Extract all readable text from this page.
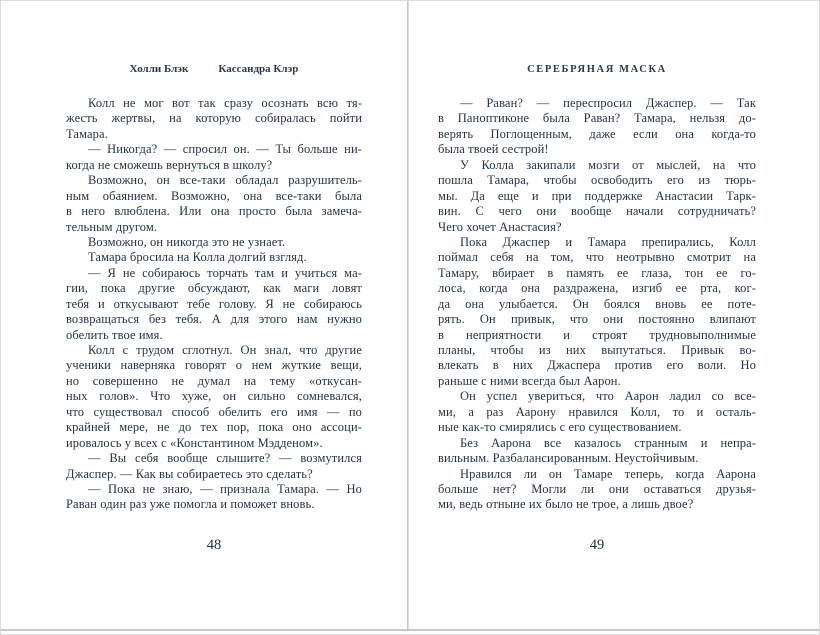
Холли Блэк	Кассандра Клэр
Колл не мог вот так сразу осознать всю тя-
жесть жертвы, на которую собиралась пойти
Тамара.
— Никогда? — спросил он. — Ты больше ни-
когда не сможешь вернуться в школу?
Возможно, он все-таки обладал разрушитель-
ным обаянием. Возможно, она все-таки была
в него влюблена. Или она просто была замеча-
тельным другом.
Возможно, он никогда это не узнает.
Тамара бросила на Колла долгий взгляд.
— Я не собираюсь торчать там и учиться ма-
гии, пока другие обсуждают, как маги ловят
тебя и откусывают тебе голову. Я не собираюсь
возвращаться без тебя. А для этого нам нужно
обелить твое имя.
Колл с трудом сглотнул. Он знал, что другие
ученики наверняка говорят о нем жуткие вещи,
но совершенно не думал на тему «откусан-
ных голов». Что хуже, он сильно сомневался,
что существовал способ обелить его имя — по
крайней мере, не до тех пор, пока оно ассоци-
ировалось у всех с «Константином Мэдденом».
— Вы себя вообще слышите? — возмутился
Джаспер. — Как вы собираетесь это сделать?
— Пока не знаю, — признала Тамара. — Но
Раван один раз уже помогла и поможет вновь.
48
СЕРЕБРЯНАЯ МАСКА
— Раван? — переспросил Джаспер. — Так
в Паноптиконе была Раван? Тамара, нельзя до-
верять Поглощенным, даже если она когда-то
была твоей сестрой!
У Колла закипали мозги от мыслей, на что
пошла Тамара, чтобы освободить его из тюрь-
мы. Да еще и при поддержке Анастасии Тарк-
вин. С чего они вообще начали сотрудничать?
Чего хочет Анастасия?
Пока Джаспер и Тамара препирались, Колл
поймал себя на том, что неотрывно смотрит на
Тамару, вбирает в память ее глаза, тон ее го-
лоса, когда она раздражена, изгиб ее рта, ког-
да она улыбается. Он боялся вновь ее поте-
рять. Он привык, что они постоянно влипают
в неприятности и строят трудновыполнимые
планы, чтобы из них выпутаться. Привык во-
влекать в них Джаспера против его воли. Но
раньше с ними всегда был Аарон.
Он успел увериться, что Аарон ладил со все-
ми, а раз Аарону нравился Колл, то и осталь-
ные как-то смирялись с его существованием.
Без Аарона все казалось странным и непра-
вильным. Разбалансированным. Неустойчивым.
Нравился ли он Тамаре теперь, когда Аарона
больше нет? Могли ли они оставаться друзья-
ми, ведь отныне их было не трое, а лишь двое?
49
